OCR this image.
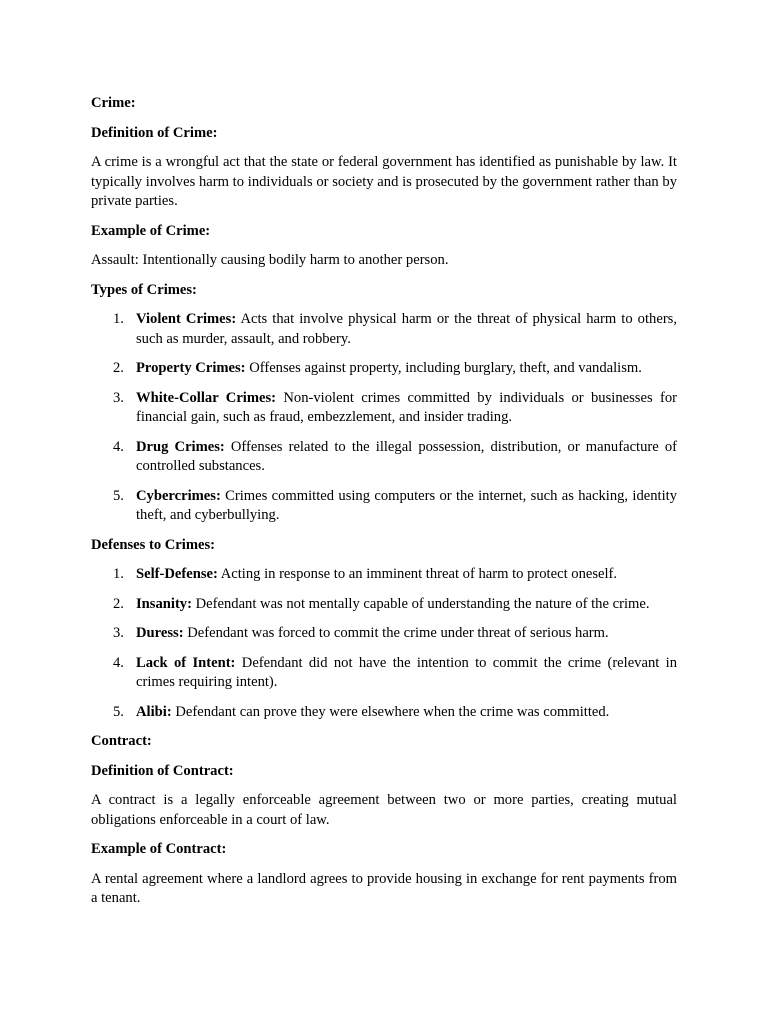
Crime:

Definition of Crime:

A crime is a wrongful act that the state or federal government has identified as punishable by law. It typically involves harm to individuals or society and is prosecuted by the government rather than by private parties.

Example of Crime:

Assault: Intentionally causing bodily harm to another person.

Types of Crimes:

1. Violent Crimes: Acts that involve physical harm or the threat of physical harm to others, such as murder, assault, and robbery.
2. Property Crimes: Offenses against property, including burglary, theft, and vandalism.
3. White-Collar Crimes: Non-violent crimes committed by individuals or businesses for financial gain, such as fraud, embezzlement, and insider trading.
4. Drug Crimes: Offenses related to the illegal possession, distribution, or manufacture of controlled substances.
5. Cybercrimes: Crimes committed using computers or the internet, such as hacking, identity theft, and cyberbullying.

Defenses to Crimes:

1. Self-Defense: Acting in response to an imminent threat of harm to protect oneself.
2. Insanity: Defendant was not mentally capable of understanding the nature of the crime.
3. Duress: Defendant was forced to commit the crime under threat of serious harm.
4. Lack of Intent: Defendant did not have the intention to commit the crime (relevant in crimes requiring intent).
5. Alibi: Defendant can prove they were elsewhere when the crime was committed.

Contract:

Definition of Contract:

A contract is a legally enforceable agreement between two or more parties, creating mutual obligations enforceable in a court of law.

Example of Contract:

A rental agreement where a landlord agrees to provide housing in exchange for rent payments from a tenant.
